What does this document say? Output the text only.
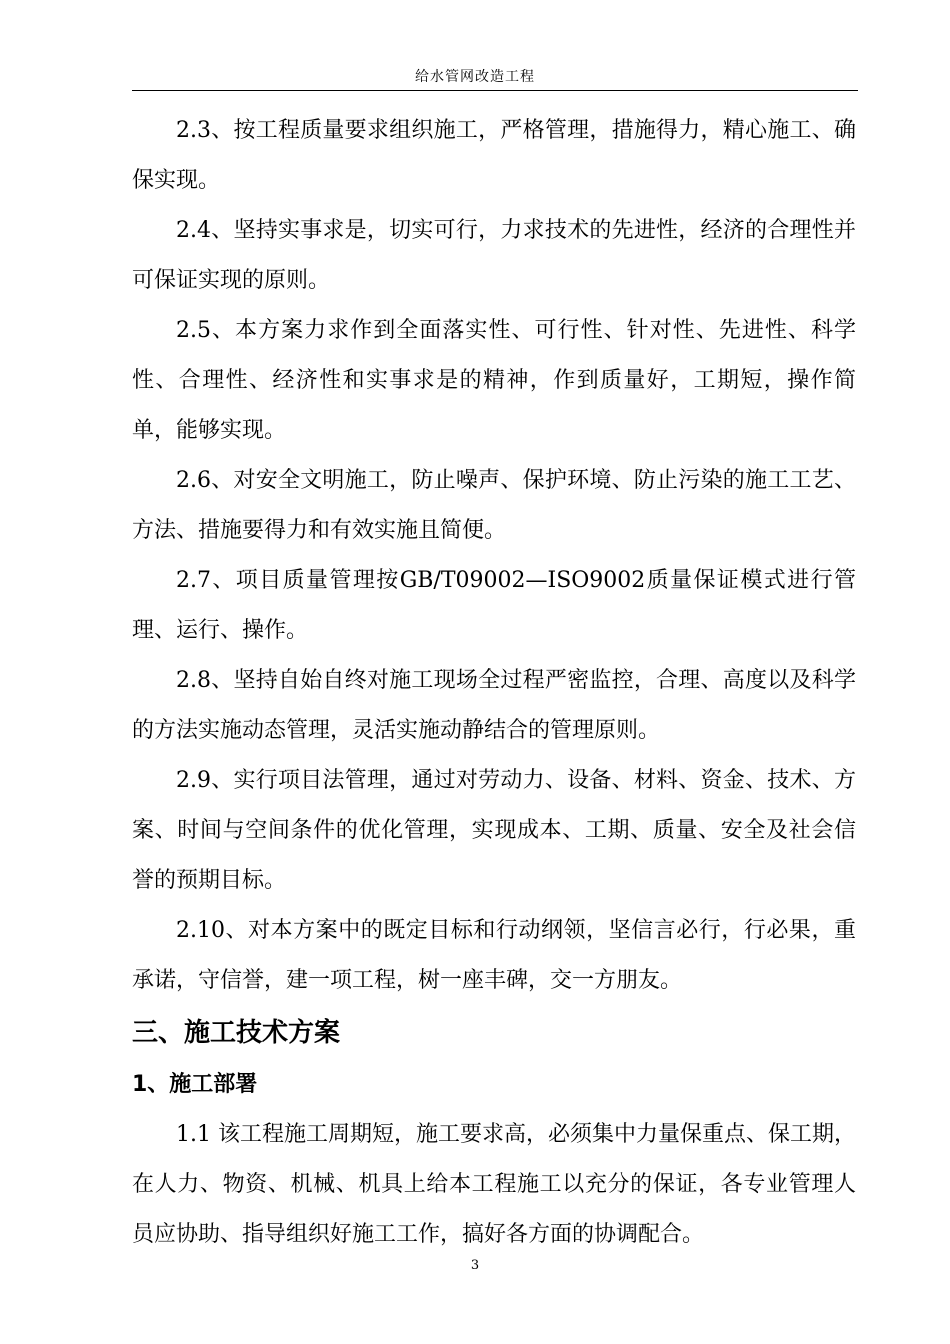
给水管网改造工程

2.3、按工程质量要求组织施工，严格管理，措施得力，精心施工、确保实现。

2.4、坚持实事求是，切实可行，力求技术的先进性，经济的合理性并可保证实现的原则。

2.5、本方案力求作到全面落实性、可行性、针对性、先进性、科学性、合理性、经济性和实事求是的精神，作到质量好，工期短，操作简单，能够实现。

2.6、对安全文明施工，防止噪声、保护环境、防止污染的施工工艺、方法、措施要得力和有效实施且简便。

2.7、项目质量管理按GB/T09002—ISO9002质量保证模式进行管理、运行、操作。

2.8、坚持自始自终对施工现场全过程严密监控，合理、高度以及科学的方法实施动态管理，灵活实施动静结合的管理原则。

2.9、实行项目法管理，通过对劳动力、设备、材料、资金、技术、方案、时间与空间条件的优化管理，实现成本、工期、质量、安全及社会信誉的预期目标。

2.10、对本方案中的既定目标和行动纲领，坚信言必行，行必果，重承诺，守信誉，建一项工程，树一座丰碑，交一方朋友。

三、施工技术方案
1、施工部署

1.1 该工程施工周期短，施工要求高，必须集中力量保重点、保工期，在人力、物资、机械、机具上给本工程施工以充分的保证，各专业管理人员应协助、指导组织好施工工作，搞好各方面的协调配合。

3
